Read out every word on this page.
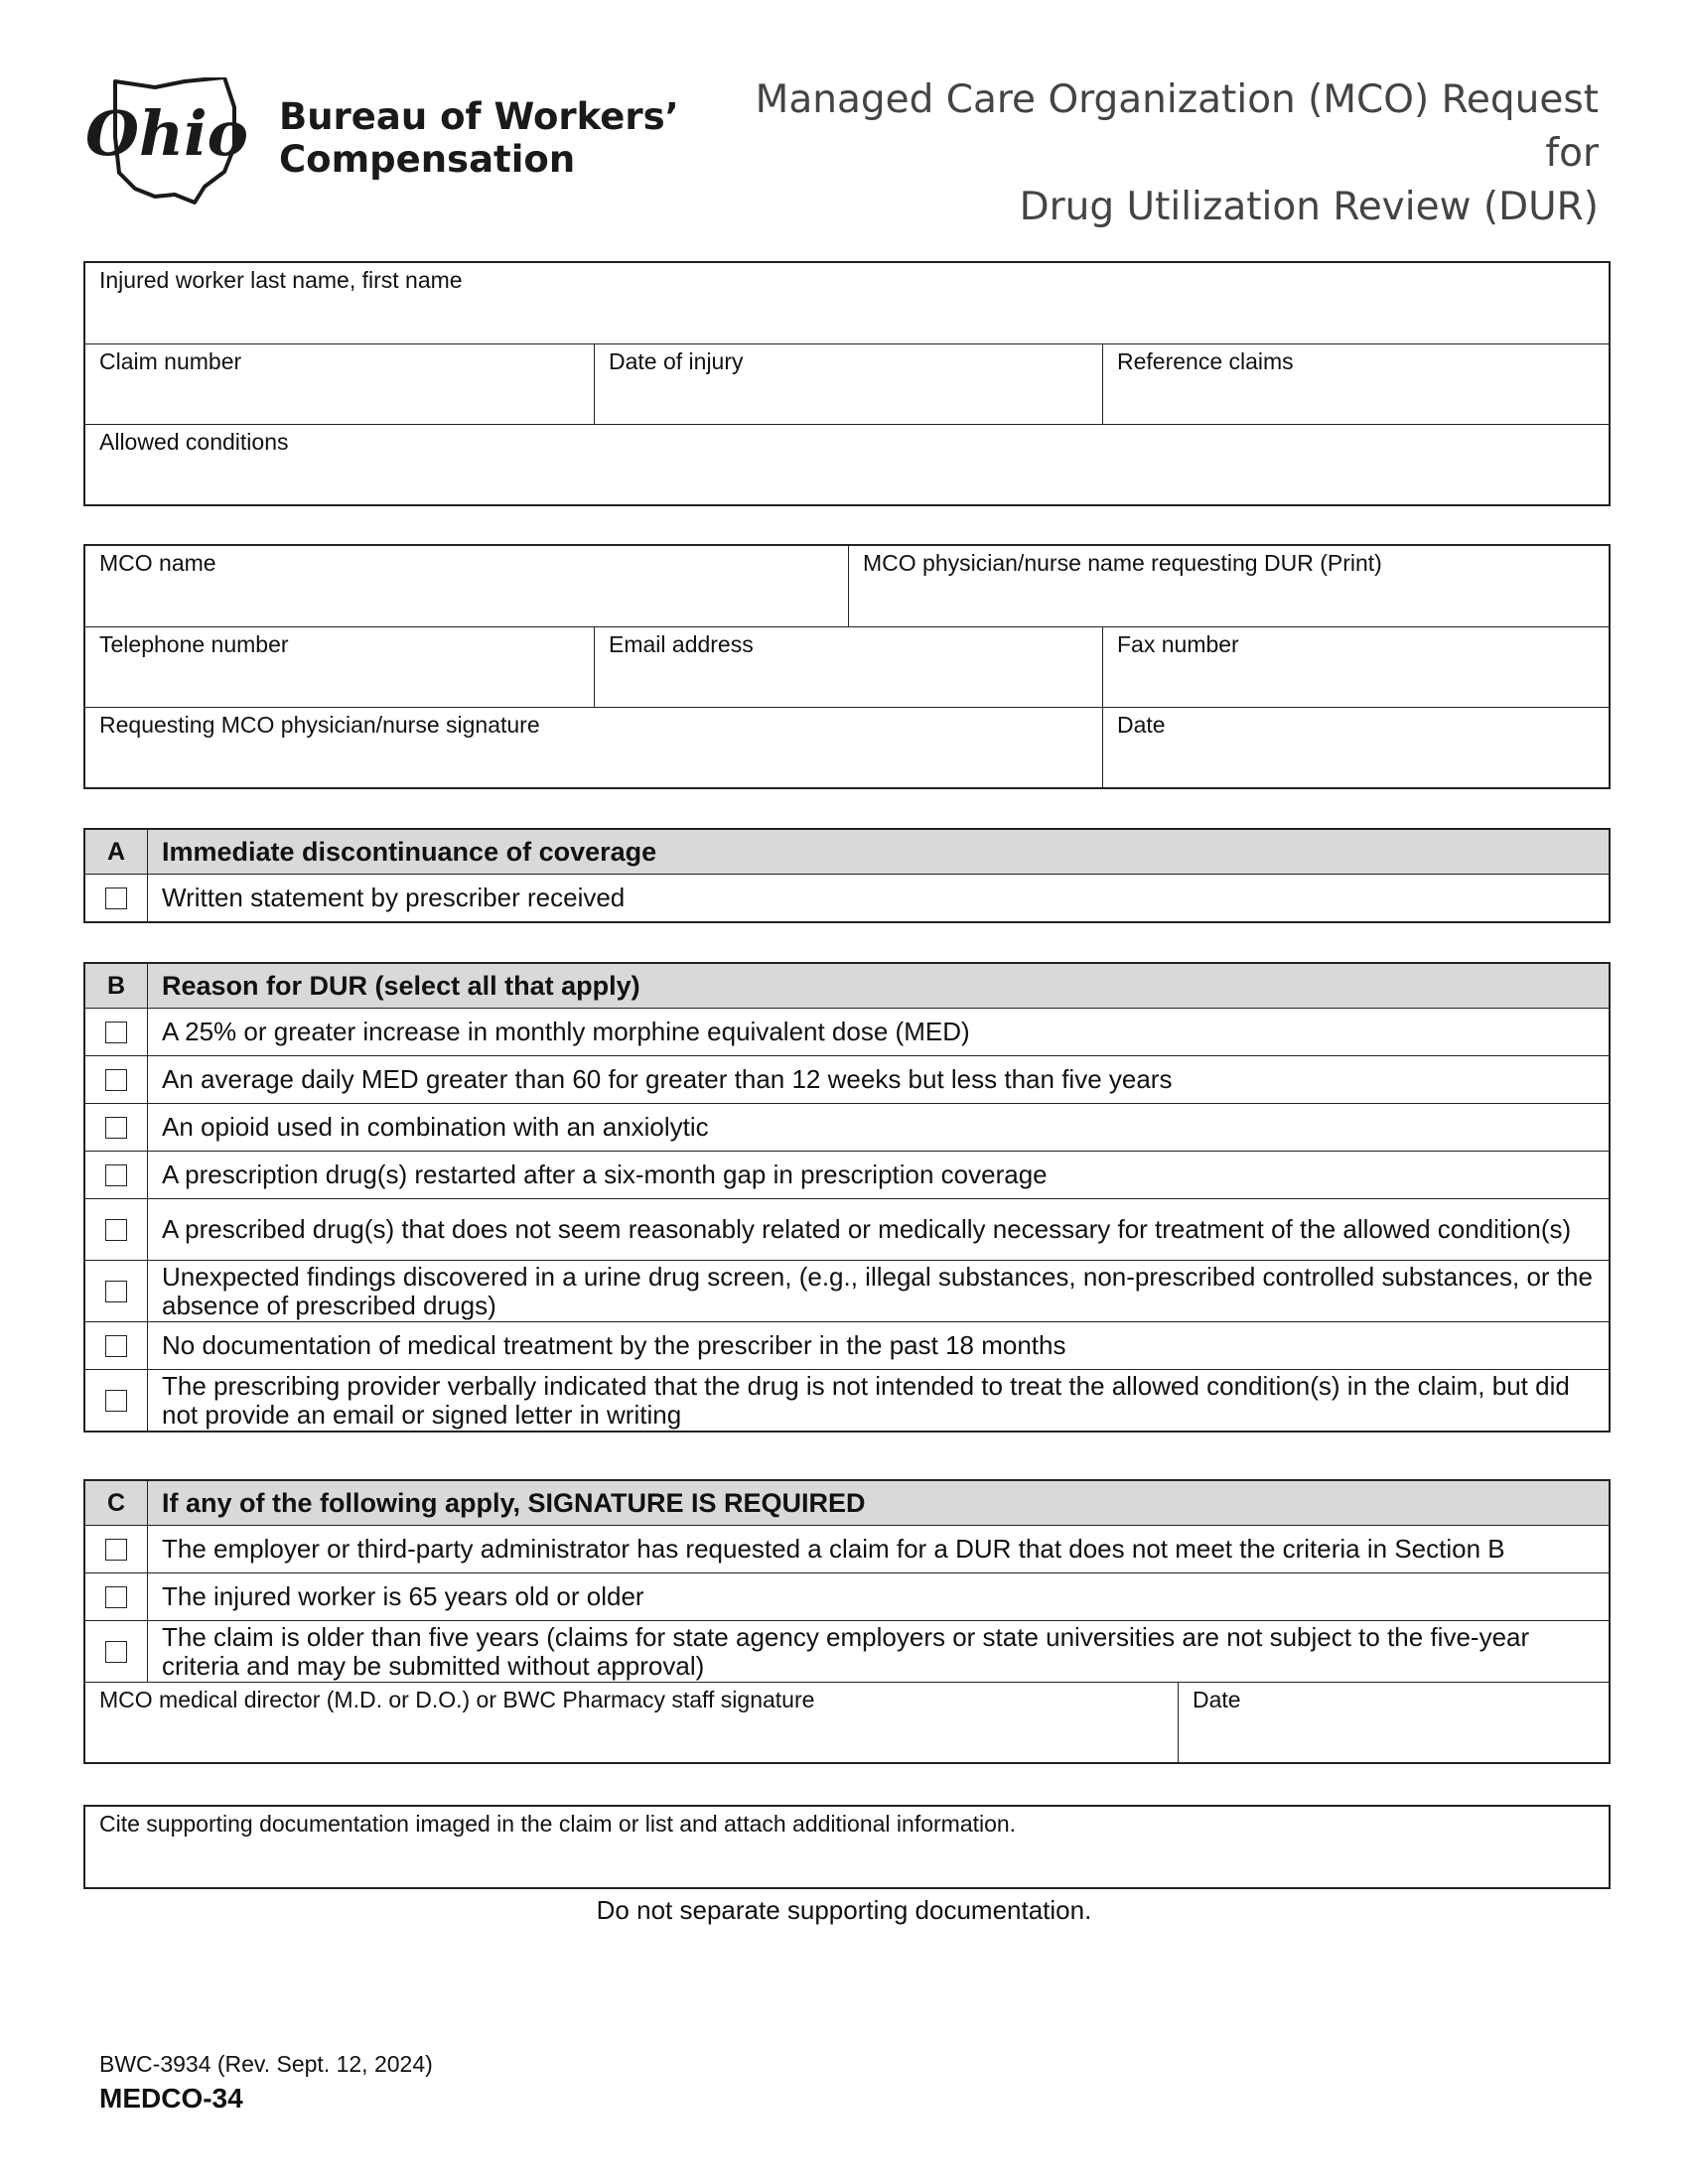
Ohio Bureau of Workers’
Compensation
Managed Care Organization (MCO) Request for
Drug Utilization Review (DUR)
Injured worker last name, first name
Claim number	Date of injury	Reference claims
Allowed conditions
MCO name	MCO physician/nurse name requesting DUR (Print)
Telephone number	Email address	Fax number
Requesting MCO physician/nurse signature	Date
A	Immediate discontinuance of coverage
Written statement by prescriber received
B	Reason for DUR (select all that apply)
A 25% or greater increase in monthly morphine equivalent dose (MED)
An average daily MED greater than 60 for greater than 12 weeks but less than five years
An opioid used in combination with an anxiolytic
A prescription drug(s) restarted after a six-month gap in prescription coverage
A prescribed drug(s) that does not seem reasonably related or medically necessary for treatment of the allowed condition(s)
Unexpected findings discovered in a urine drug screen, (e.g., illegal substances, non-prescribed controlled substances, or the absence of prescribed drugs)
No documentation of medical treatment by the prescriber in the past 18 months
The prescribing provider verbally indicated that the drug is not intended to treat the allowed condition(s) in the claim, but did not provide an email or signed letter in writing
C	If any of the following apply, SIGNATURE IS REQUIRED
The employer or third-party administrator has requested a claim for a DUR that does not meet the criteria in Section B
The injured worker is 65 years old or older
The claim is older than five years (claims for state agency employers or state universities are not subject to the five-year criteria and may be submitted without approval)
MCO medical director (M.D. or D.O.) or BWC Pharmacy staff signature	Date
Cite supporting documentation imaged in the claim or list and attach additional information.
Do not separate supporting documentation.
BWC-3934 (Rev. Sept. 12, 2024)
MEDCO-34
